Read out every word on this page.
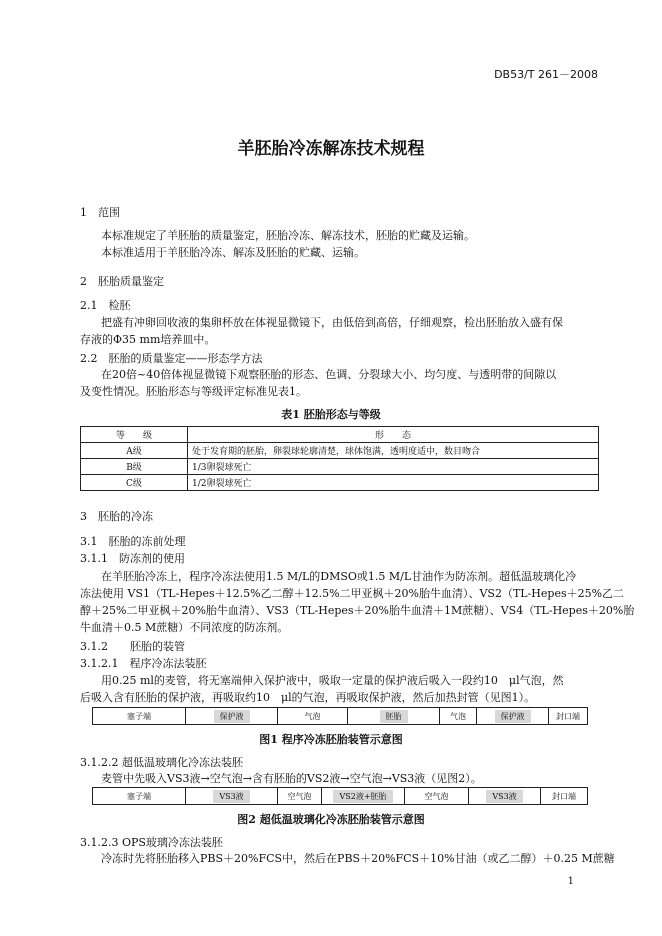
DB53/T 261－2008
羊胚胎冷冻解冻技术规程
1　范围
本标准规定了羊胚胎的质量鉴定，胚胎冷冻、解冻技术，胚胎的贮藏及运输。
本标准适用于羊胚胎冷冻、解冻及胚胎的贮藏、运输。
2　胚胎质量鉴定
2.1　检胚
把盛有冲卵回收液的集卵杯放在体视显微镜下，由低倍到高倍，仔细观察，检出胚胎放入盛有保
存液的Φ35 mm培养皿中。
2.2　胚胎的质量鉴定——形态学方法
在20倍~40倍体视显微镜下观察胚胎的形态、色调、分裂球大小、均匀度、与透明带的间隙以
及变性情况。胚胎形态与等级评定标准见表1。
表1 胚胎形态与等级
等　　级	形　　态
A级	处于发育期的胚胎，卵裂球轮廓清楚，球体饱满，透明度适中，数目吻合
B级	1/3卵裂球死亡
C级	1/2卵裂球死亡
3　胚胎的冷冻
3.1　胚胎的冻前处理
3.1.1　防冻剂的使用
在羊胚胎冷冻上，程序冷冻法使用1.5 M/L的DMSO或1.5 M/L甘油作为防冻剂。超低温玻璃化冷
冻法使用 VS1（TL-Hepes＋12.5%乙二醇＋12.5%二甲亚枫＋20%胎牛血清）、VS2（TL-Hepes＋25%乙二
醇＋25%二甲亚枫＋20%胎牛血清）、VS3（TL-Hepes＋20%胎牛血清＋1M蔗糖）、VS4（TL-Hepes＋20%胎
牛血清＋0.5 M蔗糖）不同浓度的防冻剂。
3.1.2　　胚胎的装管
3.1.2.1　程序冷冻法装胚
用0.25 ml的麦管，将无塞端伸入保护液中，吸取一定量的保护液后吸入一段约10　μl气泡，然
后吸入含有胚胎的保护液，再吸取约10　μl的气泡，再吸取保护液，然后加热封管（见图1）。
塞子端	保护液	气泡	胚胎	气泡	保护液	封口端
图1 程序冷冻胚胎装管示意图
3.1.2.2 超低温玻璃化冷冻法装胚
麦管中先吸入VS3液→空气泡→含有胚胎的VS2液→空气泡→VS3液（见图2）。
塞子端	VS3液	空气泡	VS2液+胚胎	空气泡	VS3液	封口端
图2 超低温玻璃化冷冻胚胎装管示意图
3.1.2.3 OPS玻璃冷冻法装胚
冷冻时先将胚胎移入PBS＋20%FCS中，然后在PBS＋20%FCS＋10%甘油（或乙二醇）＋0.25 M蔗糖
1
